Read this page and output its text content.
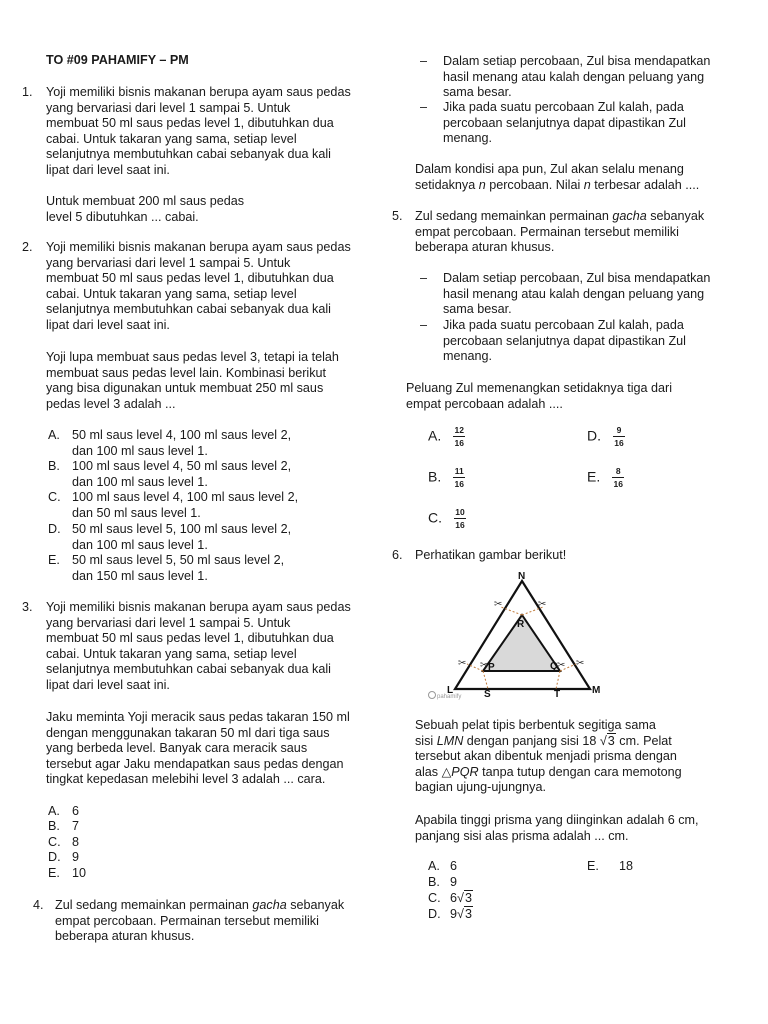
TO #09 PAHAMIFY – PM
1. Yoji memiliki bisnis makanan berupa ayam saus pedas
yang bervariasi dari level 1 sampai 5. Untuk
membuat 50 ml saus pedas level 1, dibutuhkan dua
cabai. Untuk takaran yang sama, setiap level
selanjutnya membutuhkan cabai sebanyak dua kali
lipat dari level saat ini.
Untuk membuat 200 ml saus pedas
level 5 dibutuhkan ... cabai.
2. Yoji memiliki bisnis makanan berupa ayam saus pedas
yang bervariasi dari level 1 sampai 5. Untuk
membuat 50 ml saus pedas level 1, dibutuhkan dua
cabai. Untuk takaran yang sama, setiap level
selanjutnya membutuhkan cabai sebanyak dua kali
lipat dari level saat ini.
Yoji lupa membuat saus pedas level 3, tetapi ia telah
membuat saus pedas level lain. Kombinasi berikut
yang bisa digunakan untuk membuat 250 ml saus
pedas level 3 adalah ...
A. 50 ml saus level 4, 100 ml saus level 2,
dan 100 ml saus level 1.
B. 100 ml saus level 4, 50 ml saus level 2,
dan 100 ml saus level 1.
C. 100 ml saus level 4, 100 ml saus level 2,
dan 50 ml saus level 1.
D. 50 ml saus level 5, 100 ml saus level 2,
dan 100 ml saus level 1.
E. 50 ml saus level 5, 50 ml saus level 2,
dan 150 ml saus level 1.
3. Yoji memiliki bisnis makanan berupa ayam saus pedas
yang bervariasi dari level 1 sampai 5. Untuk
membuat 50 ml saus pedas level 1, dibutuhkan dua
cabai. Untuk takaran yang sama, setiap level
selanjutnya membutuhkan cabai sebanyak dua kali
lipat dari level saat ini.
Jaku meminta Yoji meracik saus pedas takaran 150 ml
dengan menggunakan takaran 50 ml dari tiga saus
yang berbeda level. Banyak cara meracik saus
tersebut agar Jaku mendapatkan saus pedas dengan
tingkat kepedasan melebihi level 3 adalah ... cara.
A. 6
B. 7
C. 8
D. 9
E. 10
4. Zul sedang memainkan permainan gacha sebanyak
empat percobaan. Permainan tersebut memiliki
beberapa aturan khusus.
– Dalam setiap percobaan, Zul bisa mendapatkan
hasil menang atau kalah dengan peluang yang
sama besar.
– Jika pada suatu percobaan Zul kalah, pada
percobaan selanjutnya dapat dipastikan Zul
menang.
Dalam kondisi apa pun, Zul akan selalu menang
setidaknya n percobaan. Nilai n terbesar adalah ....
5. Zul sedang memainkan permainan gacha sebanyak
empat percobaan. Permainan tersebut memiliki
beberapa aturan khusus.
– Dalam setiap percobaan, Zul bisa mendapatkan
hasil menang atau kalah dengan peluang yang
sama besar.
– Jika pada suatu percobaan Zul kalah, pada
percobaan selanjutnya dapat dipastikan Zul
menang.
Peluang Zul memenangkan setidaknya tiga dari
empat percobaan adalah ....
A. $\frac{12}{16}$
B. $\frac{11}{16}$
C. $\frac{10}{16}$
D. $\frac{9}{16}$
E. $\frac{8}{16}$
6. Perhatikan gambar berikut!
✂	✂
✂ ✂	✂ ✂
N
R
P	Q
L	S	T	M
pahamify
Sebuah pelat tipis berbentuk segitiga sama
sisi LMN dengan panjang sisi 18 √3 cm. Pelat
tersebut akan dibentuk menjadi prisma dengan
alas △PQR tanpa tutup dengan cara memotong
bagian ujung-ujungnya.
Apabila tinggi prisma yang diinginkan adalah 6 cm,
panjang sisi alas prisma adalah ... cm.
A. 6
B. 9
C. 6√3
D. 9√3
E. 18
